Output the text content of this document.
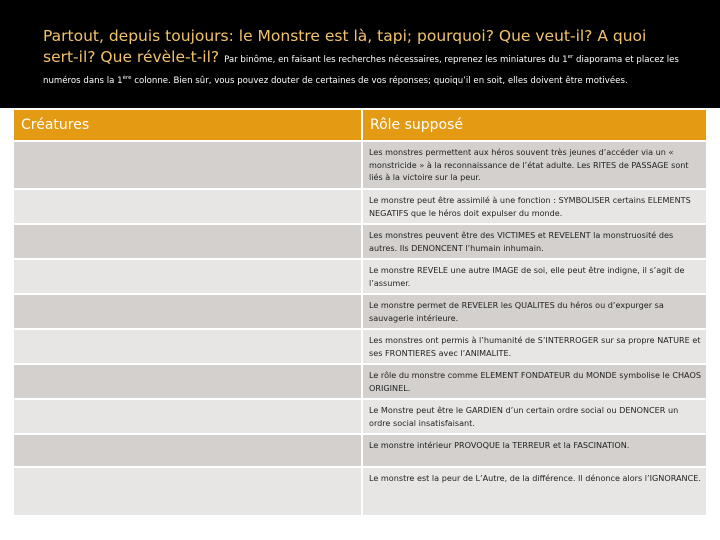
Partout, depuis toujours: le Monstre est là, tapi; pourquoi? Que veut-il? A quoi sert-il? Que révèle-t-il? Par binôme, en faisant les recherches nécessaires, reprenez les miniatures du 1er diaporama et placez les numéros dans la 1ère colonne. Bien sûr, vous pouvez douter de certaines de vos réponses; quoiqu’il en soit, elles doivent être motivées.

Créatures	Rôle supposé
	Les monstres permettent aux héros souvent très jeunes d’accéder via un « monstricide » à la reconnaissance de l’état adulte. Les RITES de PASSAGE sont liés à la victoire sur la peur.
	Le monstre peut être assimilé à une fonction : SYMBOLISER certains ELEMENTS NEGATIFS que le héros doit expulser du monde.
	Les monstres peuvent être des VICTIMES et REVELENT la monstruosité des autres. Ils DENONCENT l’humain inhumain.
	Le monstre REVELE une autre IMAGE de soi, elle peut être indigne, il s’agit de l’assumer.
	Le monstre permet de REVELER les QUALITES du héros ou d’expurger sa sauvagerie intérieure.
	Les monstres ont permis à l’humanité de S’INTERROGER sur sa propre NATURE et ses FRONTIERES avec l’ANIMALITE.
	Le rôle du monstre comme ELEMENT FONDATEUR du MONDE symbolise le CHAOS ORIGINEL.
	Le Monstre peut être le GARDIEN d’un certain ordre social ou DENONCER un ordre social insatisfaisant.
	Le monstre intérieur PROVOQUE la TERREUR et la FASCINATION.
	Le monstre est la peur de L’Autre, de la différence. Il dénonce alors l’IGNORANCE.
